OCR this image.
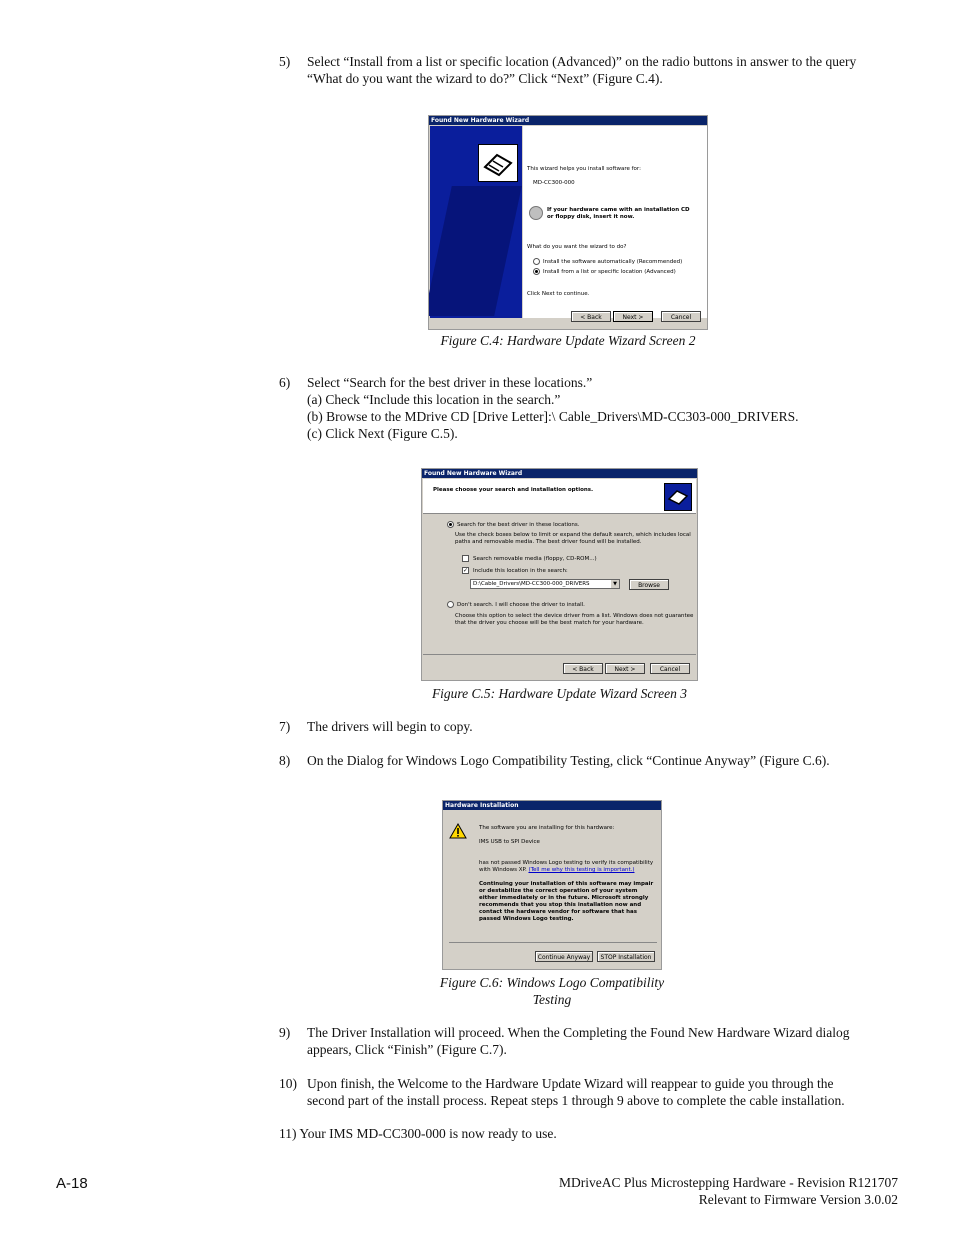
5) Select “Install from a list or specific location (Advanced)” on the radio buttons in answer to the query “What do you want the wizard to do?” Click “Next” (Figure C.4).
Found New Hardware Wizard
This wizard helps you install software for:
MD-CC300-000
If your hardware came with an installation CD or floppy disk, insert it now.
What do you want the wizard to do?
Install the software automatically (Recommended)
Install from a list or specific location (Advanced)
Click Next to continue.
< Back	Next >	Cancel
Figure C.4: Hardware Update Wizard Screen 2
6) Select “Search for the best driver in these locations.”
(a) Check “Include this location in the search.”
(b) Browse to the MDrive CD [Drive Letter]:\ Cable_Drivers\MD-CC303-000_DRIVERS.
(c) Click Next (Figure C.5).
Found New Hardware Wizard
Please choose your search and installation options.
Search for the best driver in these locations.
Use the check boxes below to limit or expand the default search, which includes local paths and removable media. The best driver found will be installed.
Search removable media (floppy, CD-ROM...)
✓ Include this location in the search:
D:\Cable_Drivers\MD-CC300-000_DRIVERS	▼	Browse
Don't search. I will choose the driver to install.
Choose this option to select the device driver from a list. Windows does not guarantee that the driver you choose will be the best match for your hardware.
< Back	Next >	Cancel
Figure C.5: Hardware Update Wizard Screen 3
7) The drivers will begin to copy.
8) On the Dialog for Windows Logo Compatibility Testing, click “Continue Anyway” (Figure C.6).
Hardware Installation
The software you are installing for this hardware:
IMS USB to SPI Device
has not passed Windows Logo testing to verify its compatibility with Windows XP. (Tell me why this testing is important.)
Continuing your installation of this software may impair or destabilize the correct operation of your system either immediately or in the future. Microsoft strongly recommends that you stop this installation now and contact the hardware vendor for software that has passed Windows Logo testing.
Continue Anyway	STOP Installation
Figure C.6: Windows Logo Compatibility
Testing
9) The Driver Installation will proceed. When the Completing the Found New Hardware Wizard dialog appears, Click “Finish” (Figure C.7).
10) Upon finish, the Welcome to the Hardware Update Wizard will reappear to guide you through the second part of the install process. Repeat steps 1 through 9 above to complete the cable installation.
11) Your IMS MD-CC300-000 is now ready to use.
A-18	MDriveAC Plus Microstepping Hardware - Revision R121707
Relevant to Firmware Version 3.0.02
